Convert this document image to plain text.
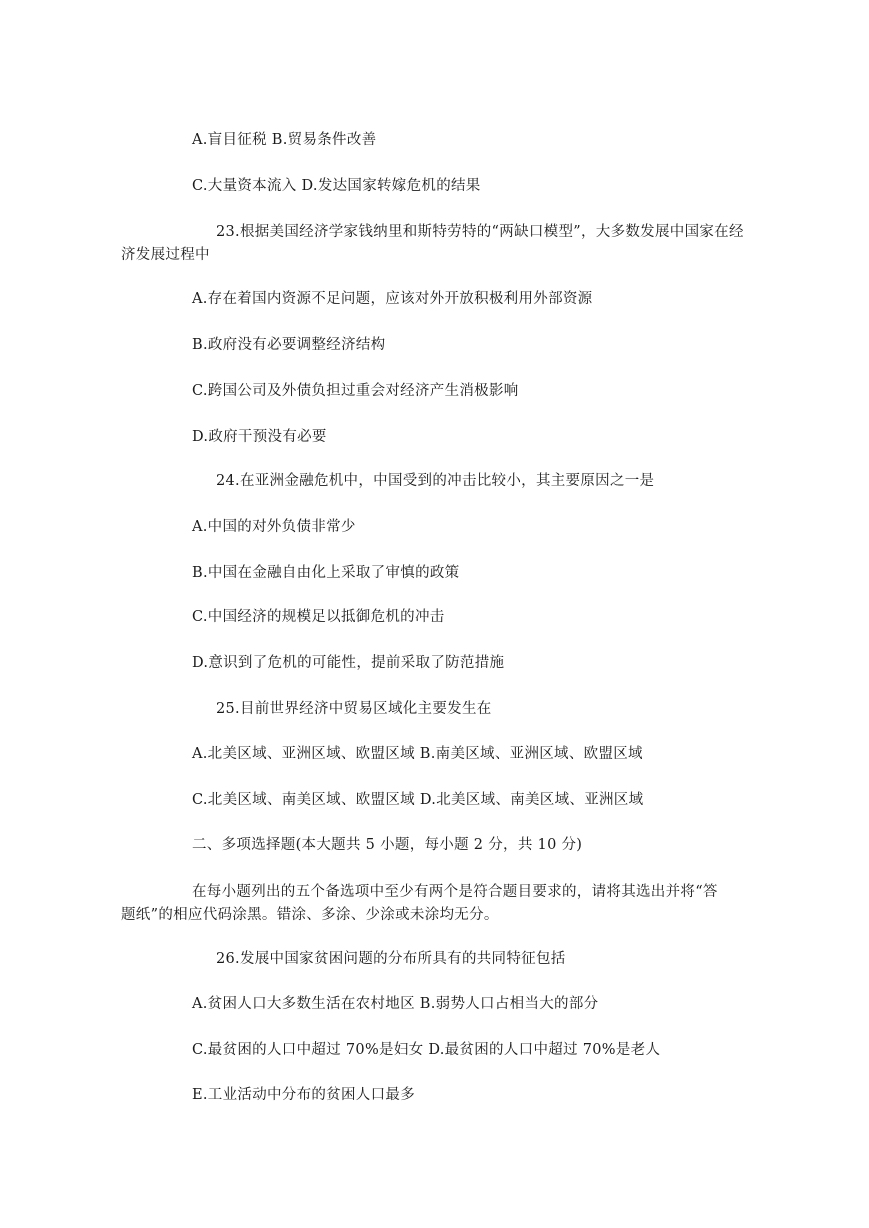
A.盲目征税 B.贸易条件改善
C.大量资本流入 D.发达国家转嫁危机的结果
23.根据美国经济学家钱纳里和斯特劳特的“两缺口模型”，大多数发展中国家在经
济发展过程中
A.存在着国内资源不足问题，应该对外开放积极利用外部资源
B.政府没有必要调整经济结构
C.跨国公司及外债负担过重会对经济产生消极影响
D.政府干预没有必要
24.在亚洲金融危机中，中国受到的冲击比较小，其主要原因之一是
A.中国的对外负债非常少
B.中国在金融自由化上采取了审慎的政策
C.中国经济的规模足以抵御危机的冲击
D.意识到了危机的可能性，提前采取了防范措施
25.目前世界经济中贸易区域化主要发生在
A.北美区域、亚洲区域、欧盟区域 B.南美区域、亚洲区域、欧盟区域
C.北美区域、南美区域、欧盟区域 D.北美区域、南美区域、亚洲区域
二、多项选择题(本大题共 5 小题，每小题 2 分，共 10 分)
在每小题列出的五个备选项中至少有两个是符合题目要求的，请将其选出并将“答
题纸”的相应代码涂黑。错涂、多涂、少涂或未涂均无分。
26.发展中国家贫困问题的分布所具有的共同特征包括
A.贫困人口大多数生活在农村地区 B.弱势人口占相当大的部分
C.最贫困的人口中超过 70%是妇女 D.最贫困的人口中超过 70%是老人
E.工业活动中分布的贫困人口最多
